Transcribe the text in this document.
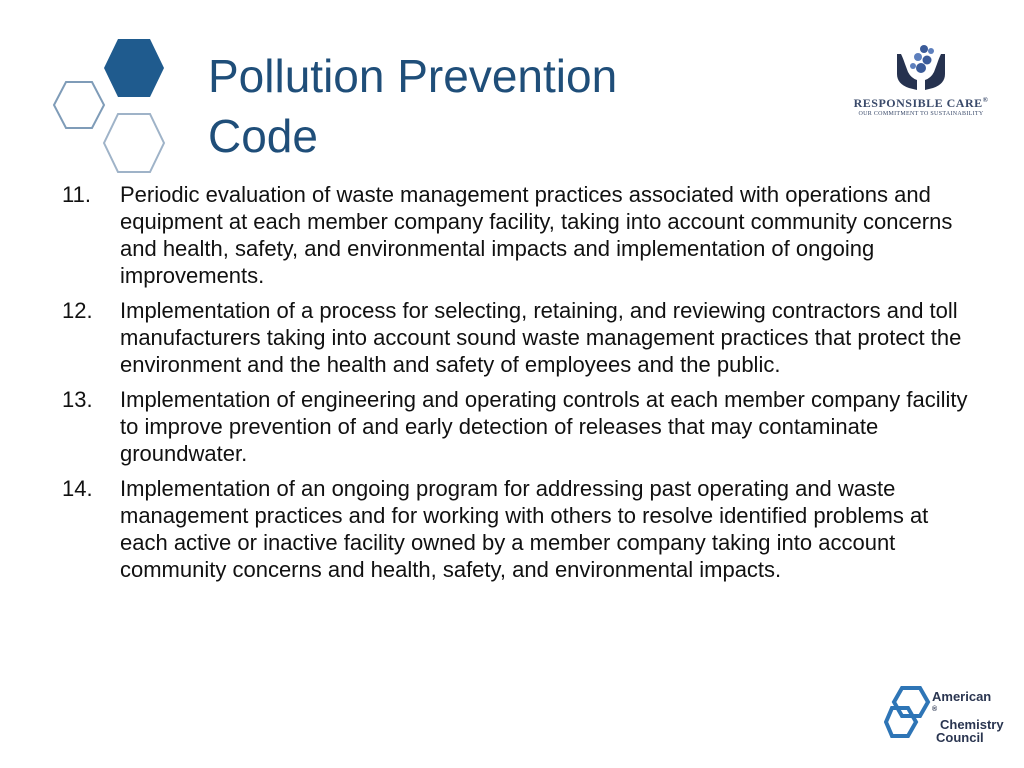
Pollution Prevention
Code
RESPONSIBLE CARE®
OUR COMMITMENT TO SUSTAINABILITY
11. Periodic evaluation of waste management practices associated with operations and equipment at each member company facility, taking into account community concerns and health, safety, and environmental impacts and implementation of ongoing improvements.
12. Implementation of a process for selecting, retaining, and reviewing contractors and toll manufacturers taking into account sound waste management practices that protect the environment and the health and safety of employees and the public.
13. Implementation of engineering and operating controls at each member company facility to improve prevention of and early detection of releases that may contaminate groundwater.
14. Implementation of an ongoing program for addressing past operating and waste management practices and for working with others to resolve identified problems at each active or inactive facility owned by a member company taking into account community concerns and health, safety, and environmental impacts.
American
®
Chemistry
Council
